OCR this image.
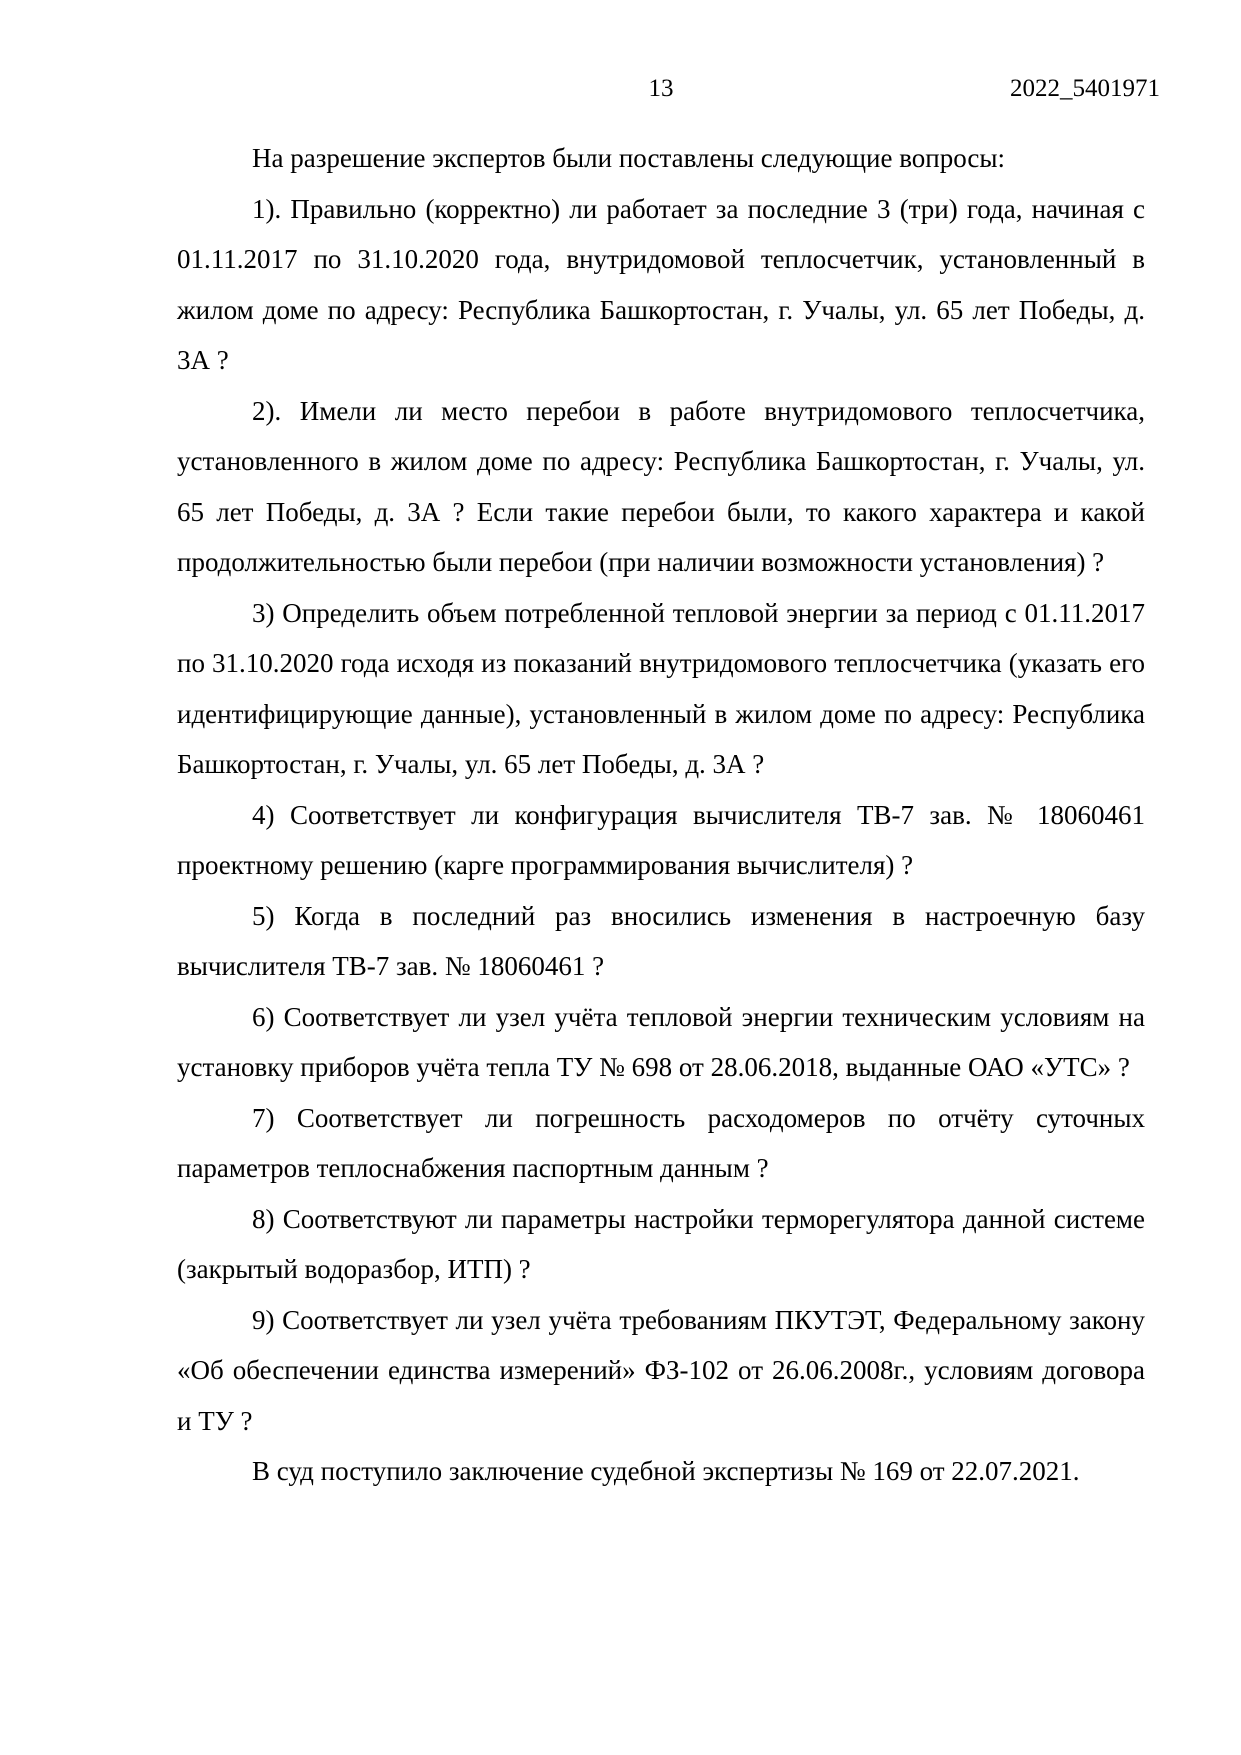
13	2022_5401971

На разрешение экспертов были поставлены следующие вопросы:

1). Правильно (корректно) ли работает за последние 3 (три) года, начиная с 01.11.2017 по 31.10.2020 года, внутридомовой теплосчетчик, установленный в жилом доме по адресу: Республика Башкортостан, г. Учалы, ул. 65 лет Победы, д. 3А ?

2). Имели ли место перебои в работе внутридомового теплосчетчика, установленного в жилом доме по адресу: Республика Башкортостан, г. Учалы, ул. 65 лет Победы, д. 3А ? Если такие перебои были, то какого характера и какой продолжительностью были перебои (при наличии возможности установления) ?

3) Определить объем потребленной тепловой энергии за период с 01.11.2017 по 31.10.2020 года исходя из показаний внутридомового теплосчетчика (указать его идентифицирующие данные), установленный в жилом доме по адресу: Республика Башкортостан, г. Учалы, ул. 65 лет Победы, д. 3А ?

4) Соответствует ли конфигурация вычислителя ТВ-7 зав. № 18060461 проектному решению (карге программирования вычислителя) ?

5) Когда в последний раз вносились изменения в настроечную базу вычислителя ТВ-7 зав. № 18060461 ?

6) Соответствует ли узел учёта тепловой энергии техническим условиям на установку приборов учёта тепла ТУ № 698 от 28.06.2018, выданные ОАО «УТС» ?

7) Соответствует ли погрешность расходомеров по отчёту суточных параметров теплоснабжения паспортным данным ?

8) Соответствуют ли параметры настройки терморегулятора данной системе (закрытый водоразбор, ИТП) ?

9) Соответствует ли узел учёта требованиям ПКУТЭТ, Федеральному закону «Об обеспечении единства измерений» ФЗ-102 от 26.06.2008г., условиям договора и ТУ ?

В суд поступило заключение судебной экспертизы № 169 от 22.07.2021.
